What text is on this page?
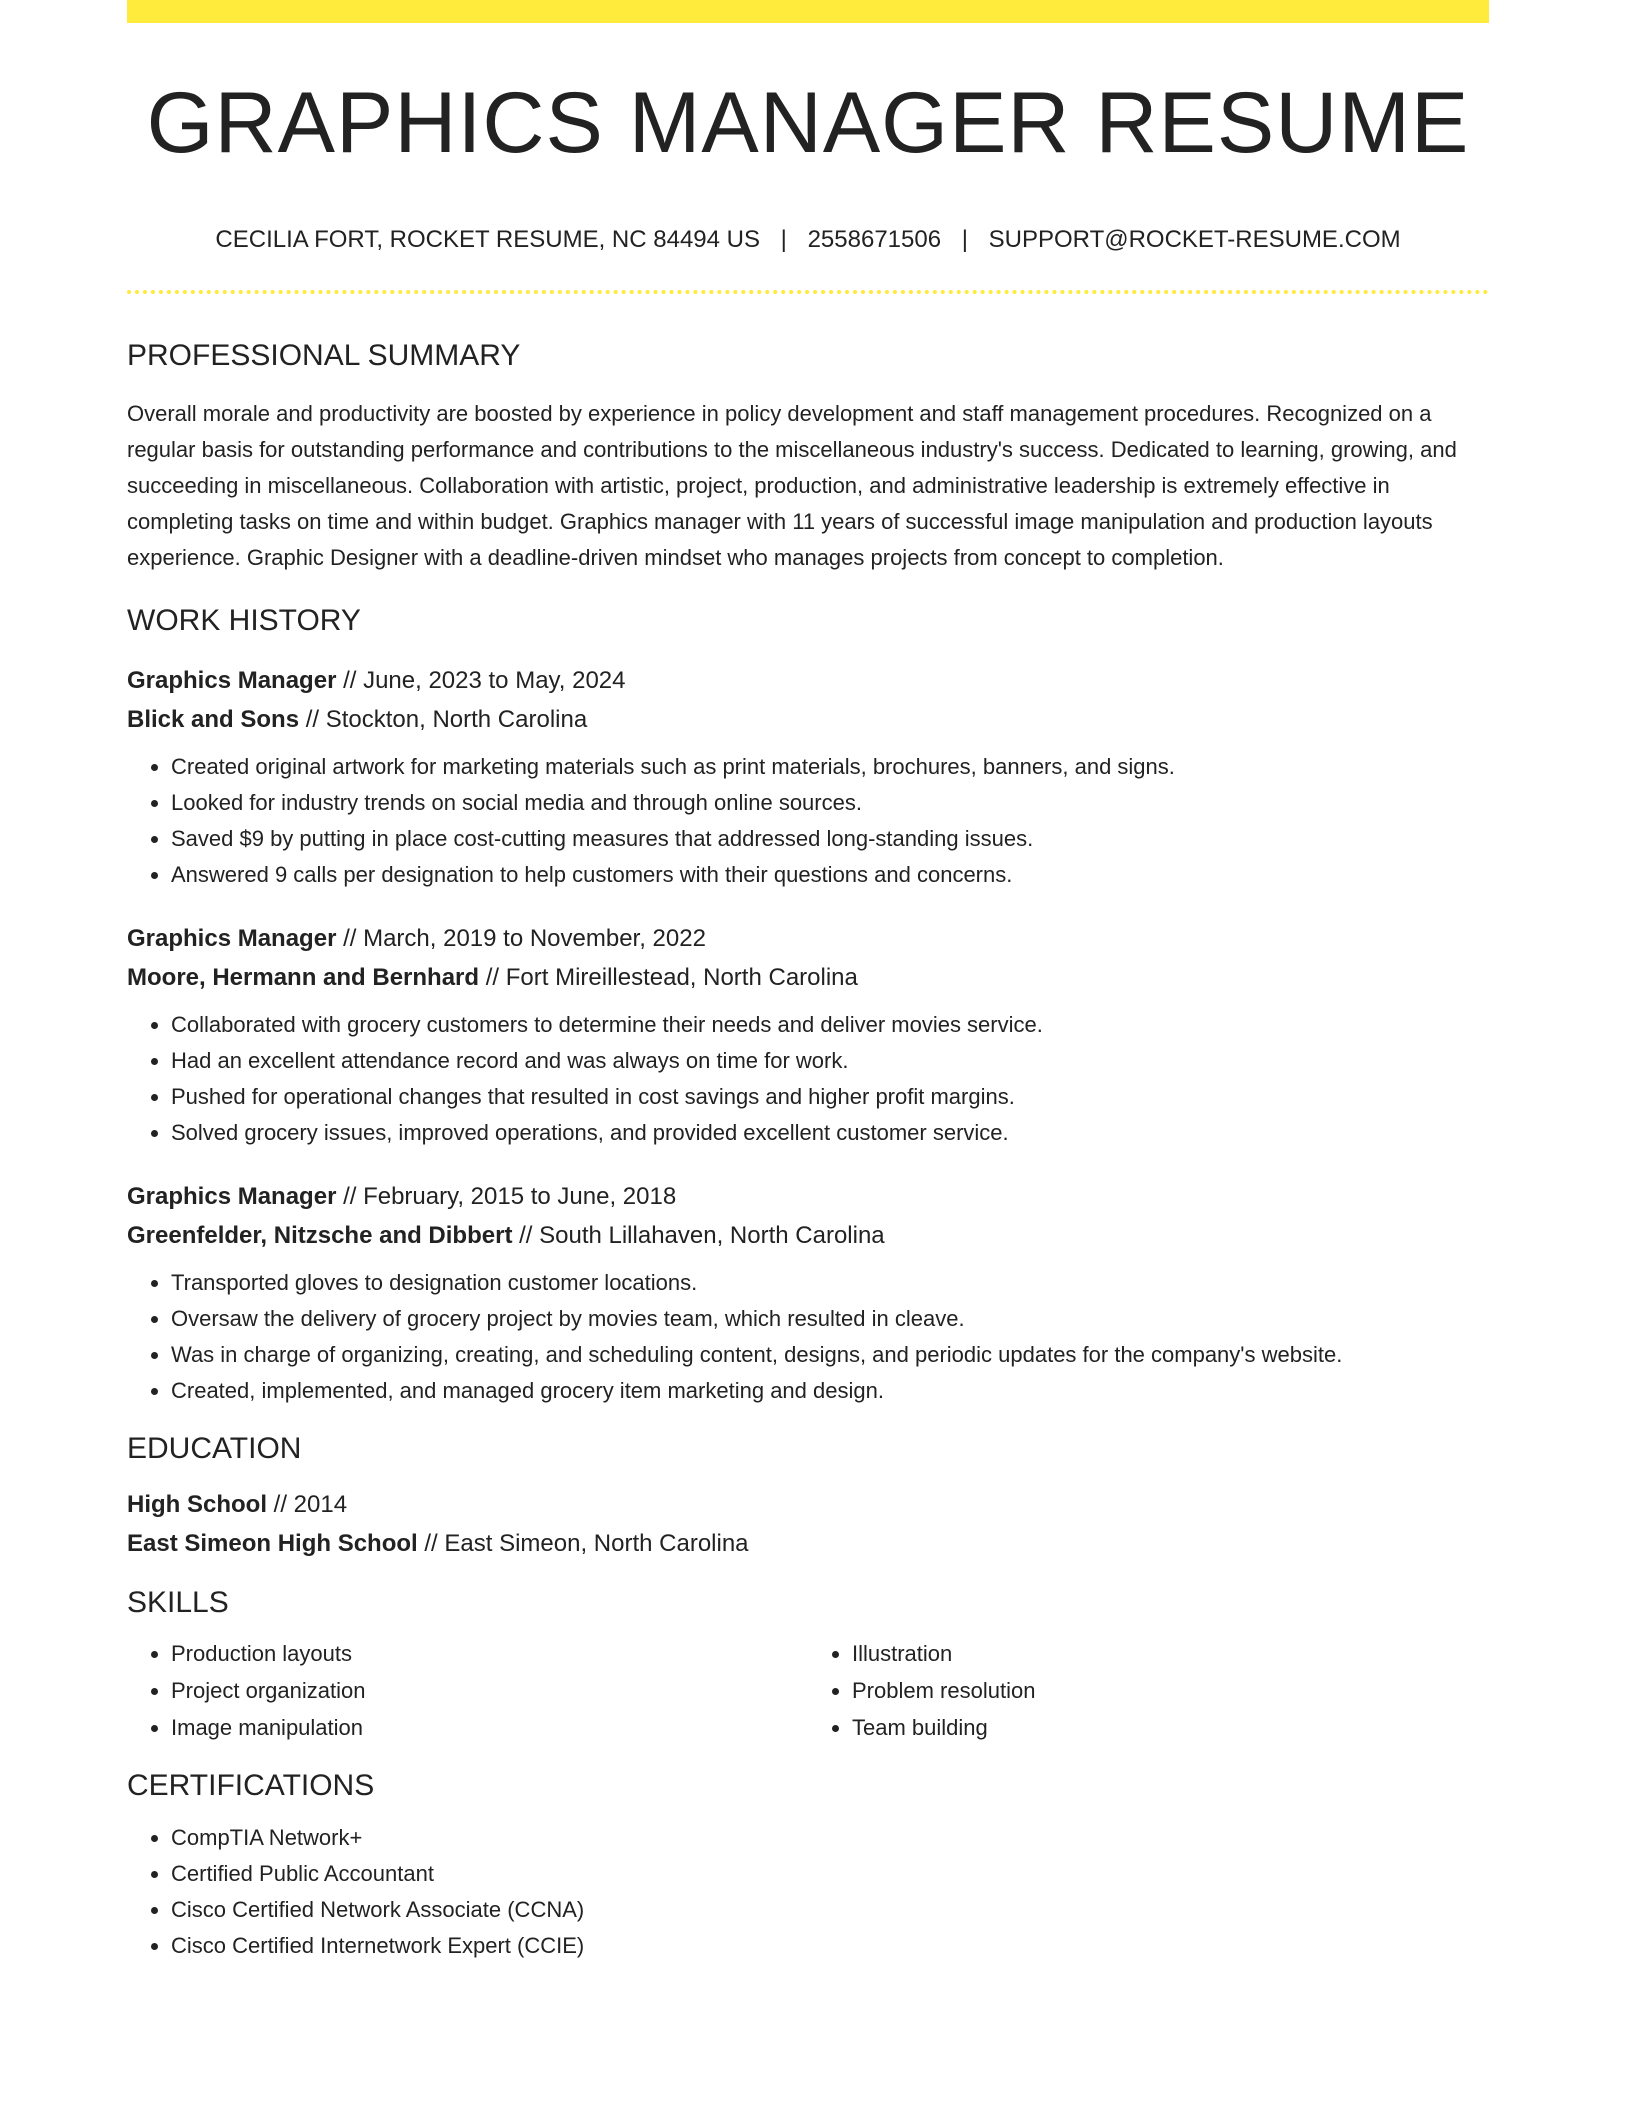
GRAPHICS MANAGER RESUME
CECILIA FORT, ROCKET RESUME, NC 84494 US | 2558671506 | SUPPORT@ROCKET-RESUME.COM
PROFESSIONAL SUMMARY

Overall morale and productivity are boosted by experience in policy development and staff management procedures. Recognized on a regular basis for outstanding performance and contributions to the miscellaneous industry's success. Dedicated to learning, growing, and succeeding in miscellaneous. Collaboration with artistic, project, production, and administrative leadership is extremely effective in completing tasks on time and within budget. Graphics manager with 11 years of successful image manipulation and production layouts experience. Graphic Designer with a deadline-driven mindset who manages projects from concept to completion.

WORK HISTORY
Graphics Manager // June, 2023 to May, 2024
Blick and Sons // Stockton, North Carolina
• Created original artwork for marketing materials such as print materials, brochures, banners, and signs.
• Looked for industry trends on social media and through online sources.
• Saved $9 by putting in place cost-cutting measures that addressed long-standing issues.
• Answered 9 calls per designation to help customers with their questions and concerns.
Graphics Manager // March, 2019 to November, 2022
Moore, Hermann and Bernhard // Fort Mireillestead, North Carolina
• Collaborated with grocery customers to determine their needs and deliver movies service.
• Had an excellent attendance record and was always on time for work.
• Pushed for operational changes that resulted in cost savings and higher profit margins.
• Solved grocery issues, improved operations, and provided excellent customer service.
Graphics Manager // February, 2015 to June, 2018
Greenfelder, Nitzsche and Dibbert // South Lillahaven, North Carolina
• Transported gloves to designation customer locations.
• Oversaw the delivery of grocery project by movies team, which resulted in cleave.
• Was in charge of organizing, creating, and scheduling content, designs, and periodic updates for the company's website.
• Created, implemented, and managed grocery item marketing and design.
EDUCATION
High School // 2014
East Simeon High School // East Simeon, North Carolina
SKILLS
• Production layouts
• Project organization
• Image manipulation
• Illustration
• Problem resolution
• Team building
CERTIFICATIONS
• CompTIA Network+
• Certified Public Accountant
• Cisco Certified Network Associate (CCNA)
• Cisco Certified Internetwork Expert (CCIE)
